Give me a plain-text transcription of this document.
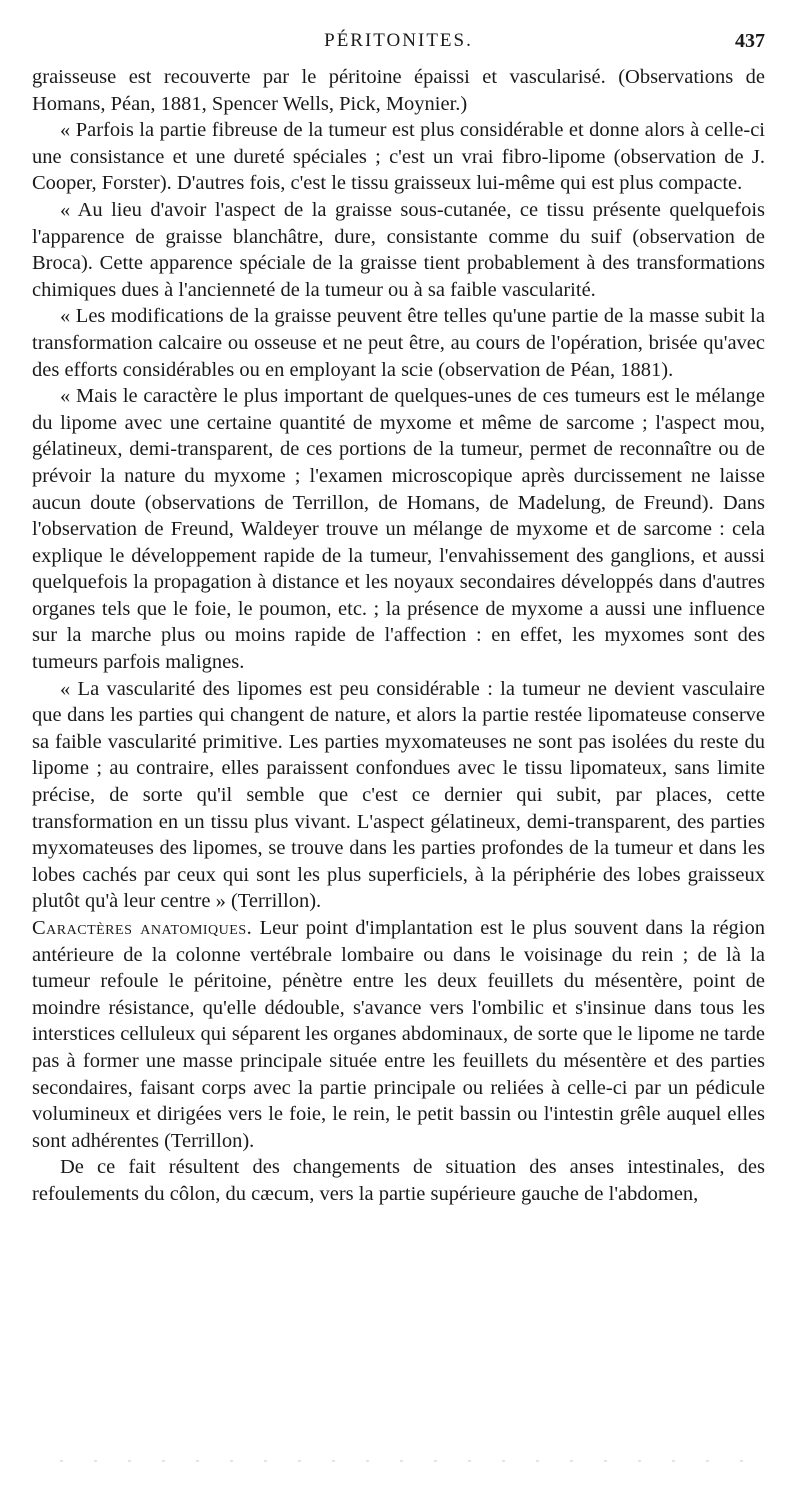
PÉRITONITES.	437

graisseuse est recouverte par le péritoine épaissi et vascularisé. (Observations de Homans, Péan, 1881, Spencer Wells, Pick, Moynier.)

« Parfois la partie fibreuse de la tumeur est plus considérable et donne alors à celle-ci une consistance et une dureté spéciales ; c'est un vrai fibro-lipome (observation de J. Cooper, Forster). D'autres fois, c'est le tissu graisseux lui-même qui est plus compacte.

« Au lieu d'avoir l'aspect de la graisse sous-cutanée, ce tissu présente quelquefois l'apparence de graisse blanchâtre, dure, consistante comme du suif (observation de Broca). Cette apparence spéciale de la graisse tient probablement à des transformations chimiques dues à l'ancienneté de la tumeur ou à sa faible vascularité.

« Les modifications de la graisse peuvent être telles qu'une partie de la masse subit la transformation calcaire ou osseuse et ne peut être, au cours de l'opération, brisée qu'avec des efforts considérables ou en employant la scie (observation de Péan, 1881).

« Mais le caractère le plus important de quelques-unes de ces tumeurs est le mélange du lipome avec une certaine quantité de myxome et même de sarcome ; l'aspect mou, gélatineux, demi-transparent, de ces portions de la tumeur, permet de reconnaître ou de prévoir la nature du myxome ; l'examen microscopique après durcissement ne laisse aucun doute (observations de Terrillon, de Homans, de Madelung, de Freund). Dans l'observation de Freund, Waldeyer trouve un mélange de myxome et de sarcome : cela explique le développement rapide de la tumeur, l'envahissement des ganglions, et aussi quelquefois la propagation à distance et les noyaux secondaires développés dans d'autres organes tels que le foie, le poumon, etc. ; la présence de myxome a aussi une influence sur la marche plus ou moins rapide de l'affection : en effet, les myxomes sont des tumeurs parfois malignes.

« La vascularité des lipomes est peu considérable : la tumeur ne devient vasculaire que dans les parties qui changent de nature, et alors la partie restée lipomateuse conserve sa faible vascularité primitive. Les parties myxomateuses ne sont pas isolées du reste du lipome ; au contraire, elles paraissent confondues avec le tissu lipomateux, sans limite précise, de sorte qu'il semble que c'est ce dernier qui subit, par places, cette transformation en un tissu plus vivant. L'aspect gélatineux, demi-transparent, des parties myxomateuses des lipomes, se trouve dans les parties profondes de la tumeur et dans les lobes cachés par ceux qui sont les plus superficiels, à la périphérie des lobes graisseux plutôt qu'à leur centre » (Terrillon).

Caractères anatomiques. Leur point d'implantation est le plus souvent dans la région antérieure de la colonne vertébrale lombaire ou dans le voisinage du rein ; de là la tumeur refoule le péritoine, pénètre entre les deux feuillets du mésentère, point de moindre résistance, qu'elle dédouble, s'avance vers l'ombilic et s'insinue dans tous les interstices celluleux qui séparent les organes abdominaux, de sorte que le lipome ne tarde pas à former une masse principale située entre les feuillets du mésentère et des parties secondaires, faisant corps avec la partie principale ou reliées à celle-ci par un pédicule volumineux et dirigées vers le foie, le rein, le petit bassin ou l'intestin grêle auquel elles sont adhérentes (Terrillon).

De ce fait résultent des changements de situation des anses intestinales, des refoulements du côlon, du cæcum, vers la partie supérieure gauche de l'abdomen,
